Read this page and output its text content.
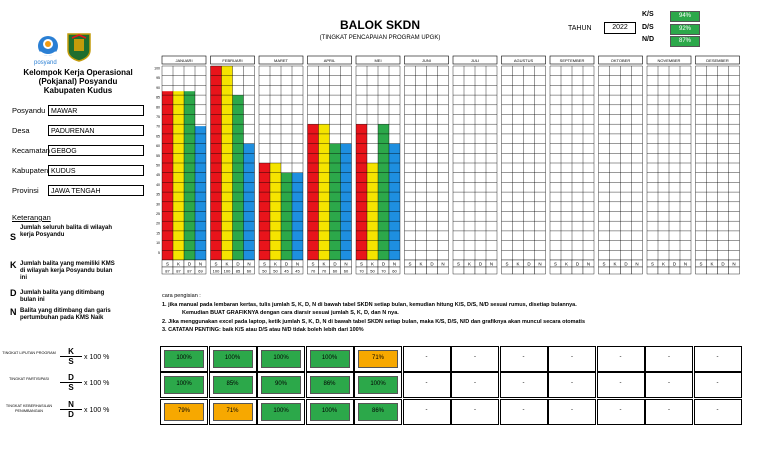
BALOK SKDN
(TINGKAT PENCAPAIAN PROGRAM UPGK)
TAHUN	2022
K/S	94%
D/S	92%
N/D	87%
posyand
Kelompok Kerja Operasional
(Pokjanal) Posyandu
Kabupaten Kudus
Posyandu MAWAR
Desa	PADURENAN
Kecamatan GEBOG
Kabupaten KUDUS
Provinsi	JAWA TENGAH
Keterangan
S
Jumlah seluruh balita di wilayah kerja Posyandu
K Jumlah balita yang memiliki KMS di wilayah kerja Posyandu bulan ini
D Jumlah balita yang ditimbang bulan ini
N Balita yang ditimbang dan garis pertumbuhan pada KMS Naik
100
95
90
85
80
75
70
65
60
55
50
45
40
35
30
25
20
15
10
5
JANUARI
S
87
K
87
D
87
N
69
FEBRUARI
S
100
K
100
D
85
N
60
MARET
S
50
K
50
D
45
N
45
APRIL
S
70
K
70
D
60
N
60
MEI
S
70
K
50
D
70
N
60
JUNI
S K D N
JULI
S K D N
AGUSTUS
S K D N
SEPTEMBER
S K D N
OKTOBER
S K D N
NOVEMBER
S K D N
DESEMBER
S K D N
cara pengisian :
1. jika manual pada lembaran kertas, tulis jumlah S, K, D, N di bawah tabel SKDN setiap bulan, kemudian hitung K/S, D/S, N/D sesuai rumus, disetiap bulannya.
Kemudian BUAT GRAFIKNYA dengan cara diarsir sesuai jumlah S, K, D, dan N nya.
2. Jika menggunakan excel pada laptop, ketik jumlah S, K, D, N di bawah tabel SKDN setiap bulan, maka K/S, D/S, N/D dan grafiknya akan muncul secara otomatis
3. CATATAN PENTING: baik K/S atau D/S atau N/D tidak boleh lebih dari 100%
TINGKAT LIPUTAN PROGRAM $\frac{K}{S}$ x 100 %	100%	100%	100%	100%	71%	-	-	-	-	-	-	-
TINGKAT PARTISIPASI	$\frac{D}{S}$ x 100 %	100%	85%	90%	86%	100%	-	-	-	-	-	-	-
TINGKAT KEBERHASILAN PENIMBANGAN	$\frac{N}{D}$ x 100 %	79%	71%	100%	100%	86%	-	-	-	-	-	-	-
